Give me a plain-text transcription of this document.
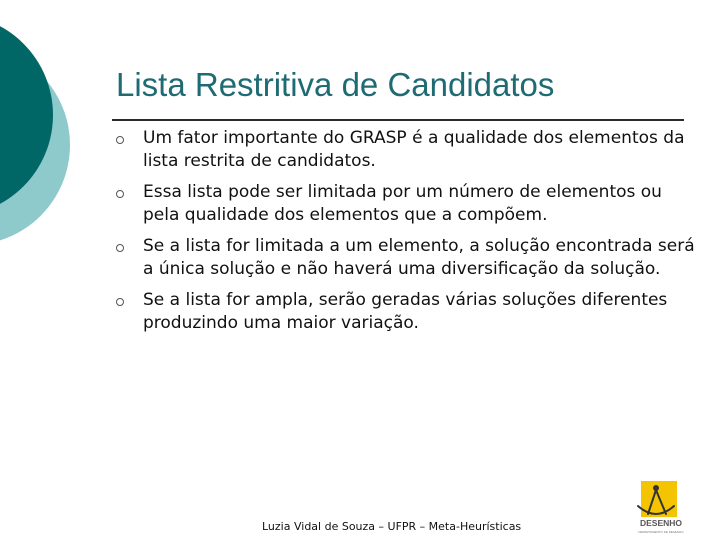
Lista Restritiva de Candidatos
Um fator importante do GRASP é a qualidade dos elementos da lista restrita de candidatos.
Essa lista pode ser limitada por um número de elementos ou pela qualidade dos elementos que a compõem.
Se a lista for limitada a um elemento, a solução encontrada será a única solução e não haverá uma diversificação da solução.
Se a lista for ampla, serão geradas várias soluções diferentes produzindo uma maior variação.
Luzia Vidal de Souza – UFPR – Meta-Heurísticas	DESENHO
DEPARTAMENTO DE DESENHO
